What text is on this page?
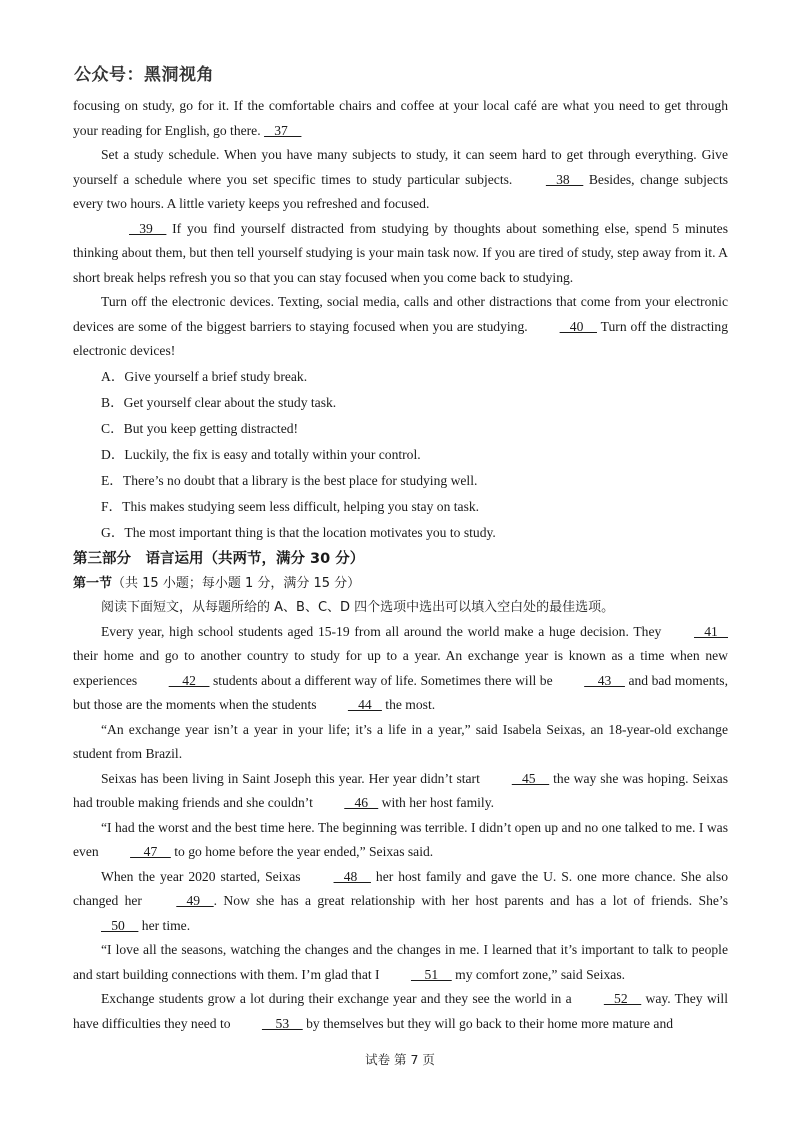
公众号：黑洞视角

focusing on study, go for it. If the comfortable chairs and coffee at your local café are what you need to get through your reading for English, go there.    37

Set a study schedule. When you have many subjects to study, it can seem hard to get through everything. Give yourself a schedule where you set specific times to study particular subjects.    38     Besides, change subjects every two hours. A little variety keeps you refreshed and focused.

39     If you find yourself distracted from studying by thoughts about something else, spend 5 minutes thinking about them, but then tell yourself studying is your main task now. If you are tired of study, step away from it. A short break helps refresh you so that you can stay focused when you come back to studying.

Turn off the electronic devices. Texting, social media, calls and other distractions that come from your electronic devices are some of the biggest barriers to staying focused when you are studying.    40     Turn off the distracting electronic devices!

A．Give yourself a brief study break.

B．Get yourself clear about the study task.

C．But you keep getting distracted!

D．Luckily, the fix is easy and totally within your control.

E．There’s no doubt that a library is the best place for studying well.

F．This makes studying seem less difficult, helping you stay on task.

G．The most important thing is that the location motivates you to study.

第三部分　语言运用（共两节，满分 30 分）

第一节（共 15 小题；每小题 1 分，满分 15 分）

阅读下面短文，从每题所给的 A、B、C、D 四个选项中选出可以填入空白处的最佳选项。

Every year, high school students aged 15-19 from all around the world make a huge decision. They    41    their home and go to another country to study for up to a year. An exchange year is known as a time when new experiences     42     students about a different way of life. Sometimes there will be     43     and bad moments, but those are the moments when the students    44    the most.

“An exchange year isn’t a year in your life; it’s a life in a year,” said Isabela Seixas, an 18-year-old exchange student from Brazil.

Seixas has been living in Saint Joseph this year. Her year didn’t start    45     the way she was hoping. Seixas had trouble making friends and she couldn’t    46    with her host family.

“I had the worst and the best time here. The beginning was terrible. I didn’t open up and no one talked to me. I was even     47     to go home before the year ended,” Seixas said.

When the year 2020 started, Seixas    48     her host family and gave the U. S. one more chance. She also changed her    49    . Now she has a great relationship with her host parents and has a lot of friends. She’s    50     her time.

“I love all the seasons, watching the changes and the changes in me. I learned that it’s important to talk to people and start building connections with them. I’m glad that I     51     my comfort zone,” said Seixas.

Exchange students grow a lot during their exchange year and they see the world in a    52     way. They will have difficulties they need to     53     by themselves but they will go back to their home more mature and

试卷 第 7 页
